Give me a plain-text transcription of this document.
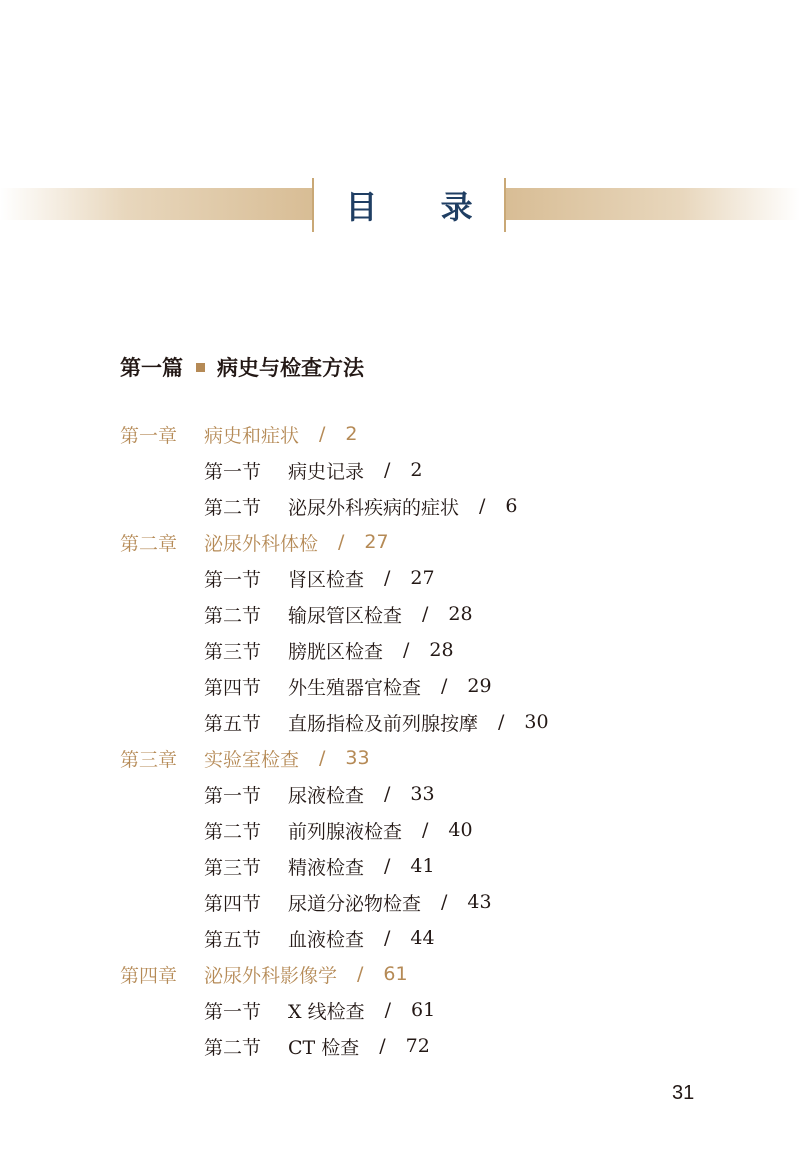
目 录
第一篇 病史与检查方法
第一章	病史和症状 / 2
第一节	病史记录 / 2
第二节	泌尿外科疾病的症状 / 6
第二章	泌尿外科体检 / 27
第一节	肾区检查 / 27
第二节	输尿管区检查 / 28
第三节	膀胱区检查 / 28
第四节	外生殖器官检查 / 29
第五节	直肠指检及前列腺按摩 / 30
第三章	实验室检查 / 33
第一节	尿液检查 / 33
第二节	前列腺液检查 / 40
第三节	精液检查 / 41
第四节	尿道分泌物检查 / 43
第五节	血液检查 / 44
第四章	泌尿外科影像学 / 61
第一节	X 线检查 / 61
第二节	CT 检查 / 72
31
